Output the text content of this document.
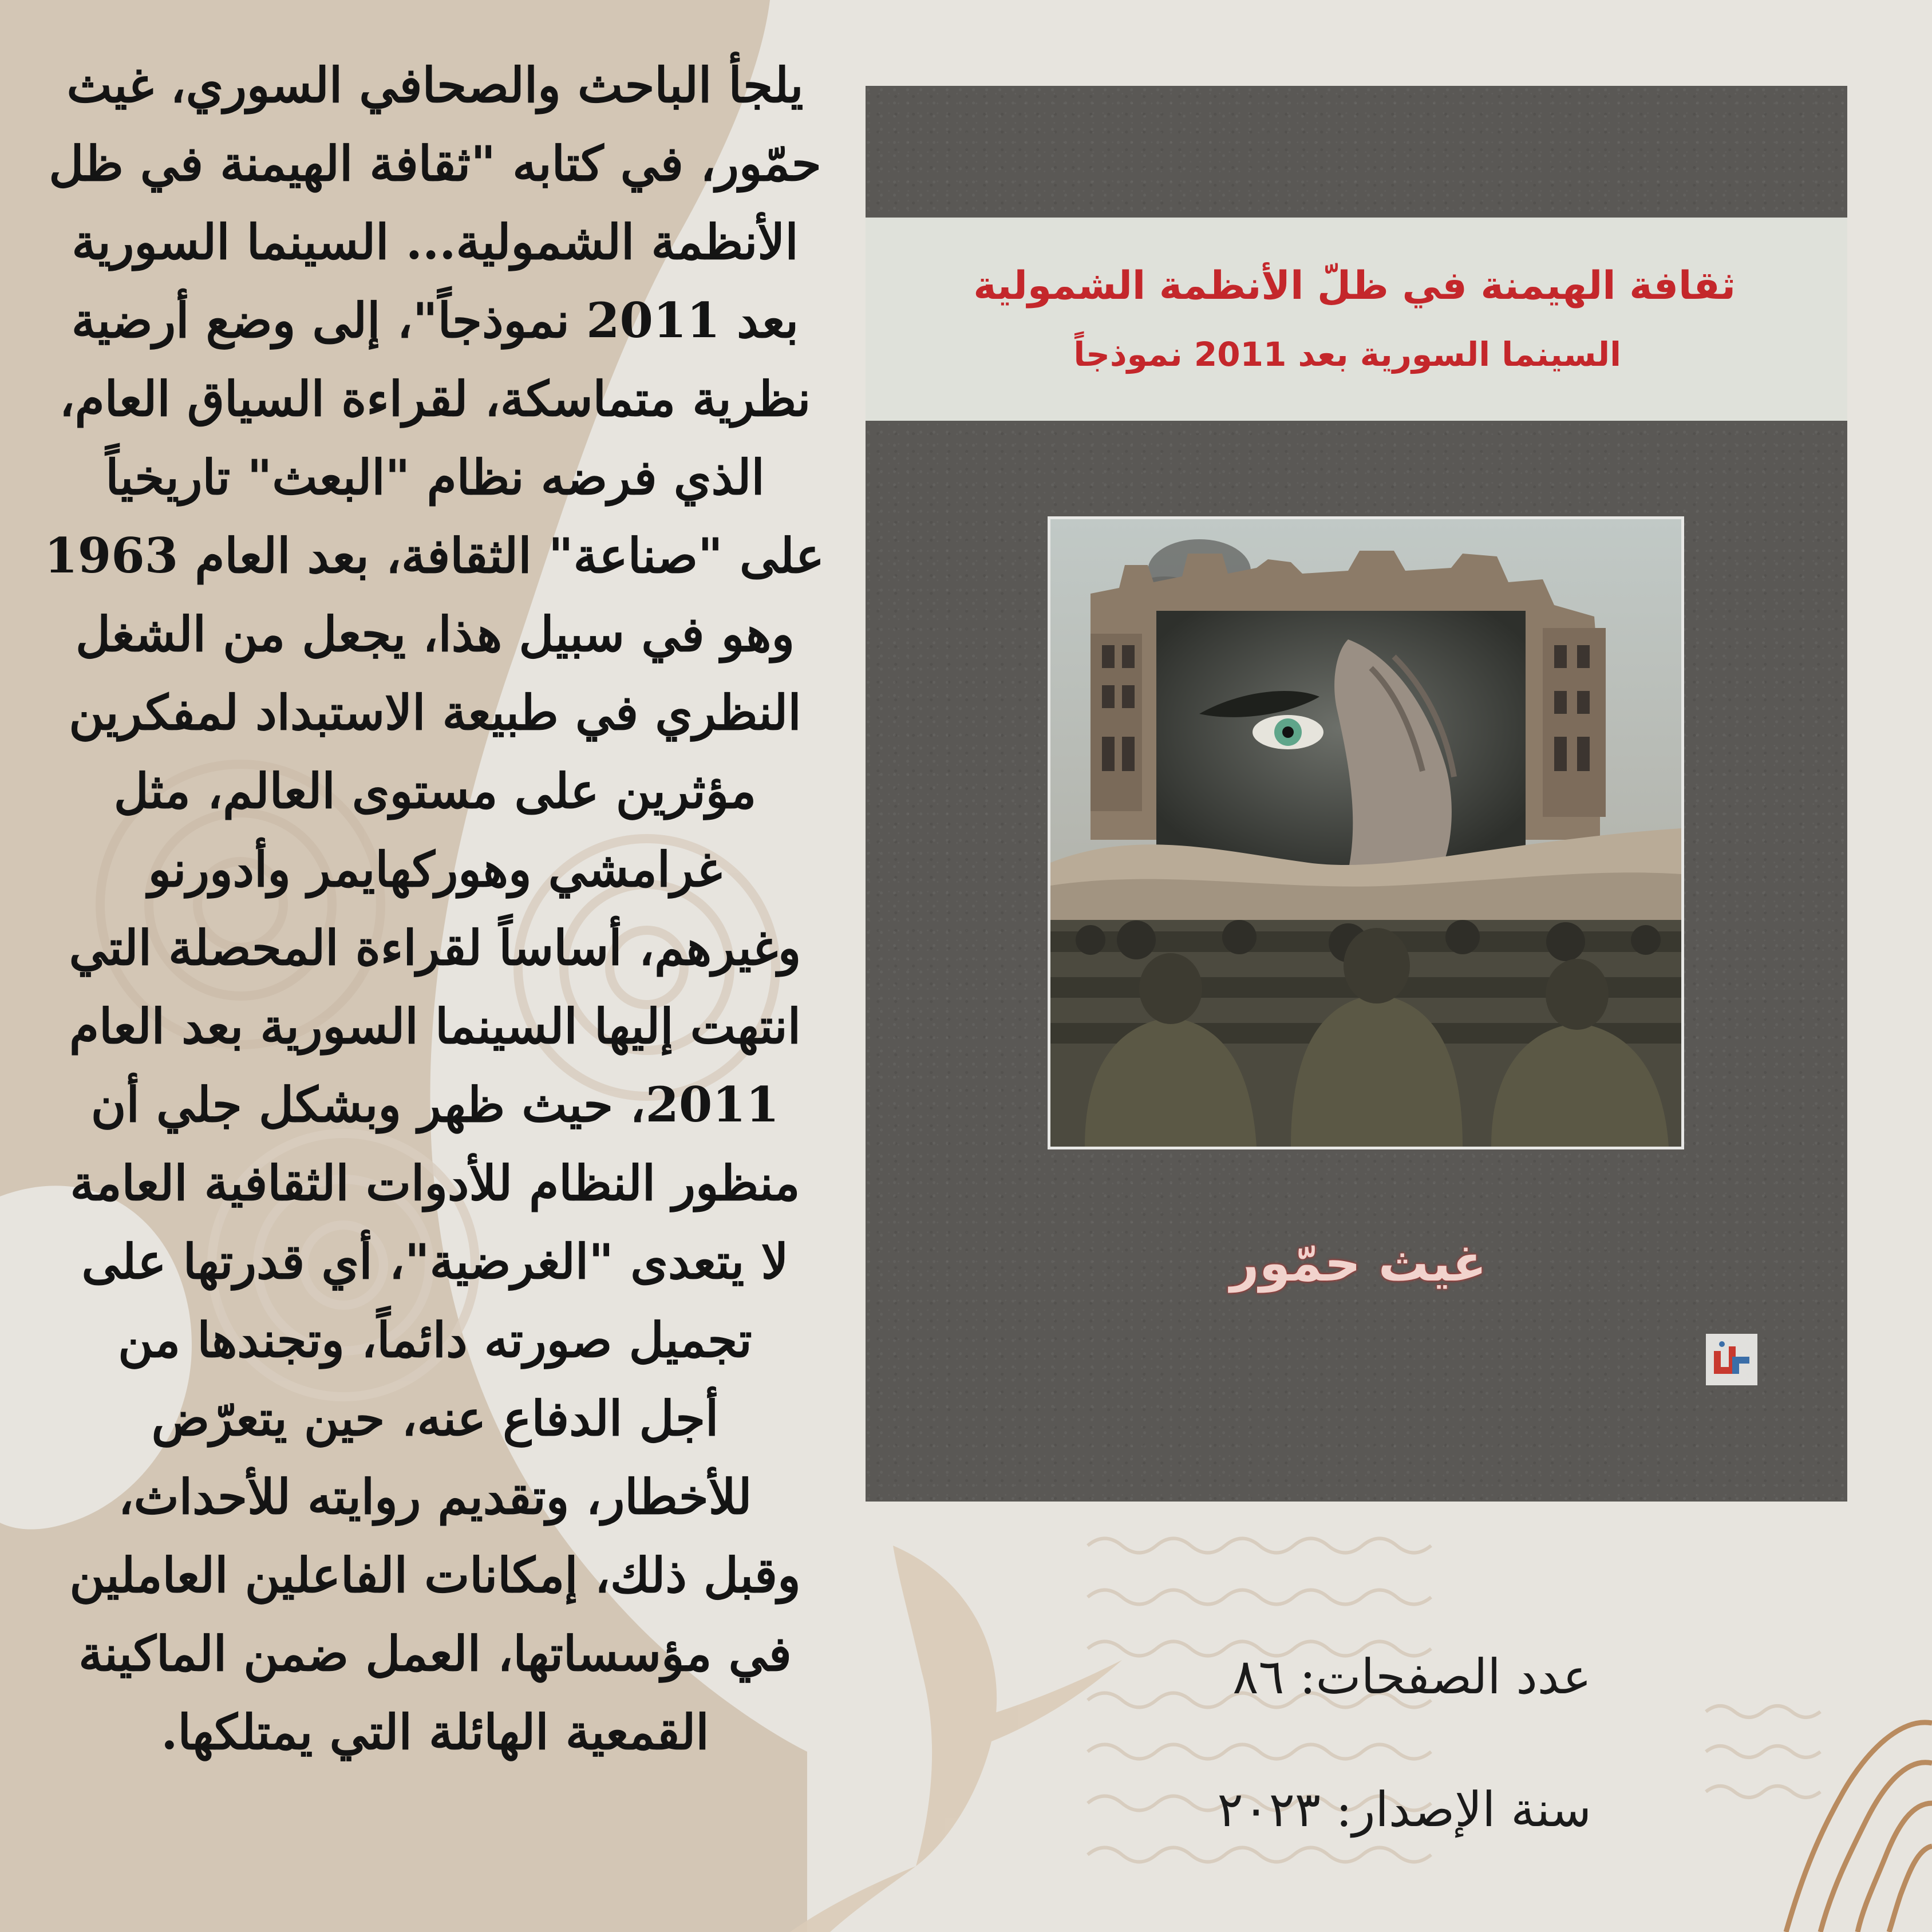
يلجأ الباحث والصحافي السوري، غيث
حمّور، في كتابه "ثقافة الهيمنة في ظل
الأنظمة الشمولية... السينما السورية
بعد 2011 نموذجاً"، إلى وضع أرضية
نظرية متماسكة، لقراءة السياق العام،
الذي فرضه نظام "البعث" تاريخياً
على "صناعة" الثقافة، بعد العام 1963
وهو في سبيل هذا، يجعل من الشغل
النظري في طبيعة الاستبداد لمفكرين
مؤثرين على مستوى العالم، مثل
غرامشي وهوركهايمر وأدورنو
وغيرهم، أساساً لقراءة المحصلة التي
انتهت إليها السينما السورية بعد العام
2011، حيث ظهر وبشكل جلي أن
منظور النظام للأدوات الثقافية العامة
لا يتعدى "الغرضية"، أي قدرتها على
تجميل صورته دائماً، وتجندها من
أجل الدفاع عنه، حين يتعرّض
للأخطار، وتقديم روايته للأحداث،
وقبل ذلك، إمكانات الفاعلين العاملين
في مؤسساتها، العمل ضمن الماكينة
القمعية الهائلة التي يمتلكها.
ثقافة الهيمنة في ظلّ الأنظمة الشمولية
السينما السورية بعد 2011 نموذجاً
غيث حمّور
عدد الصفحات: ٨٦
سنة الإصدار: ٢٠٢٣
